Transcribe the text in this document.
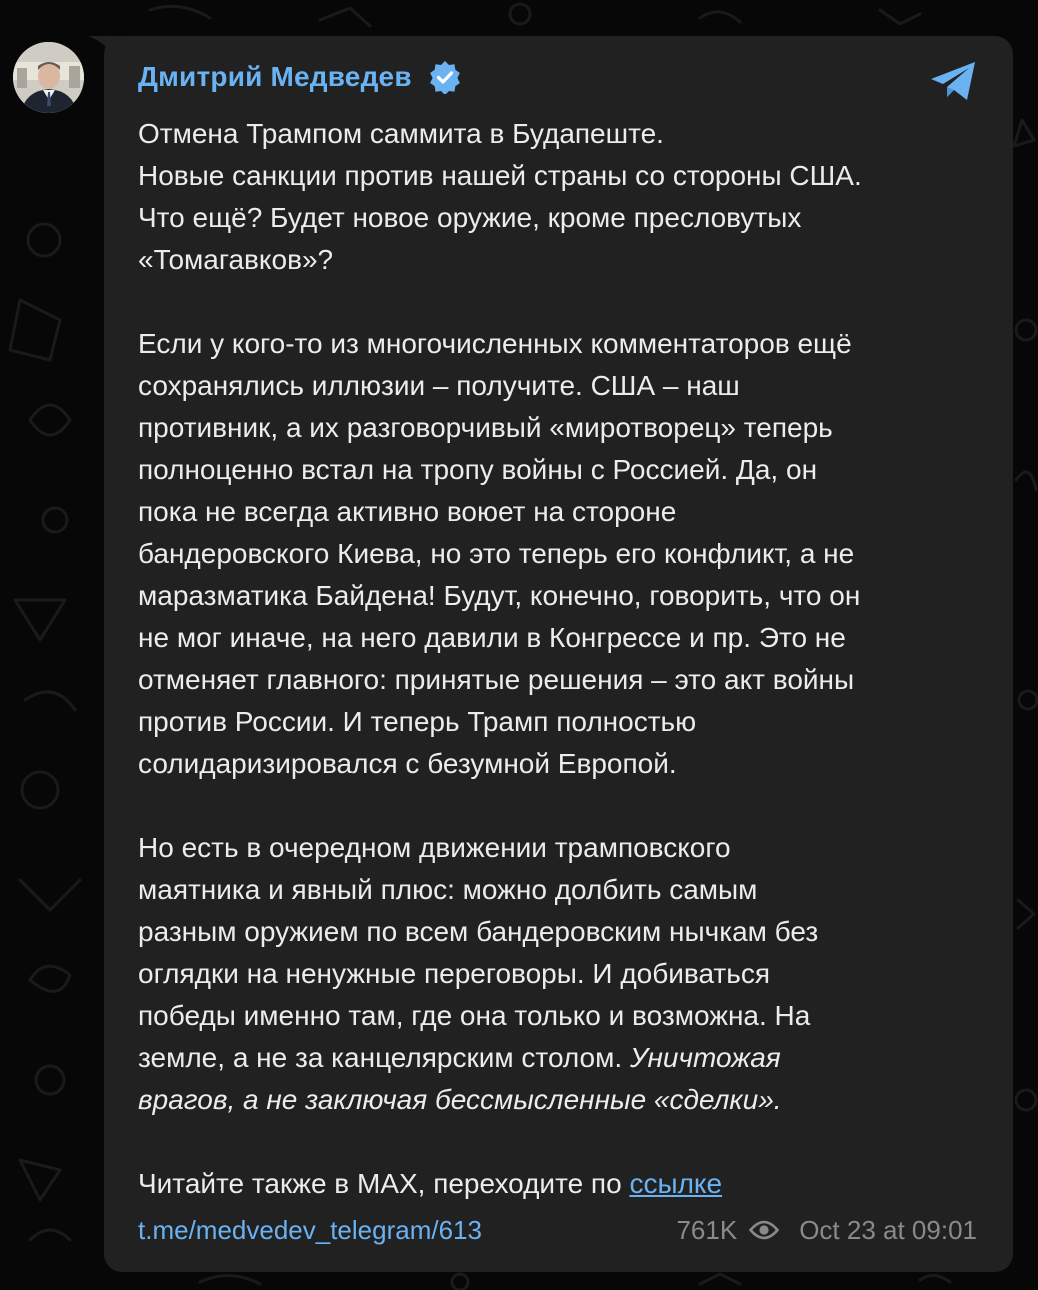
Дмитрий Медведев

Отмена Трампом саммита в Будапеште.
Новые санкции против нашей страны со стороны США.
Что ещё? Будет новое оружие, кроме пресловутых
«Томагавков»?

Если у кого-то из многочисленных комментаторов ещё
сохранялись иллюзии – получите. США – наш
противник, а их разговорчивый «миротворец» теперь
полноценно встал на тропу войны с Россией. Да, он
пока не всегда активно воюет на стороне
бандеровского Киева, но это теперь его конфликт, а не
маразматика Байдена! Будут, конечно, говорить, что он
не мог иначе, на него давили в Конгрессе и пр. Это не
отменяет главного: принятые решения – это акт войны
против России. И теперь Трамп полностью
солидаризировался с безумной Европой.

Но есть в очередном движении трамповского
маятника и явный плюс: можно долбить самым
разным оружием по всем бандеровским нычкам без
оглядки на ненужные переговоры. И добиваться
победы именно там, где она только и возможна. На
земле, а не за канцелярским столом. Уничтожая
врагов, а не заключая бессмысленные «сделки».

Читайте также в MAX, переходите по ссылке

t.me/medvedev_telegram/613	761K Oct 23 at 09:01
